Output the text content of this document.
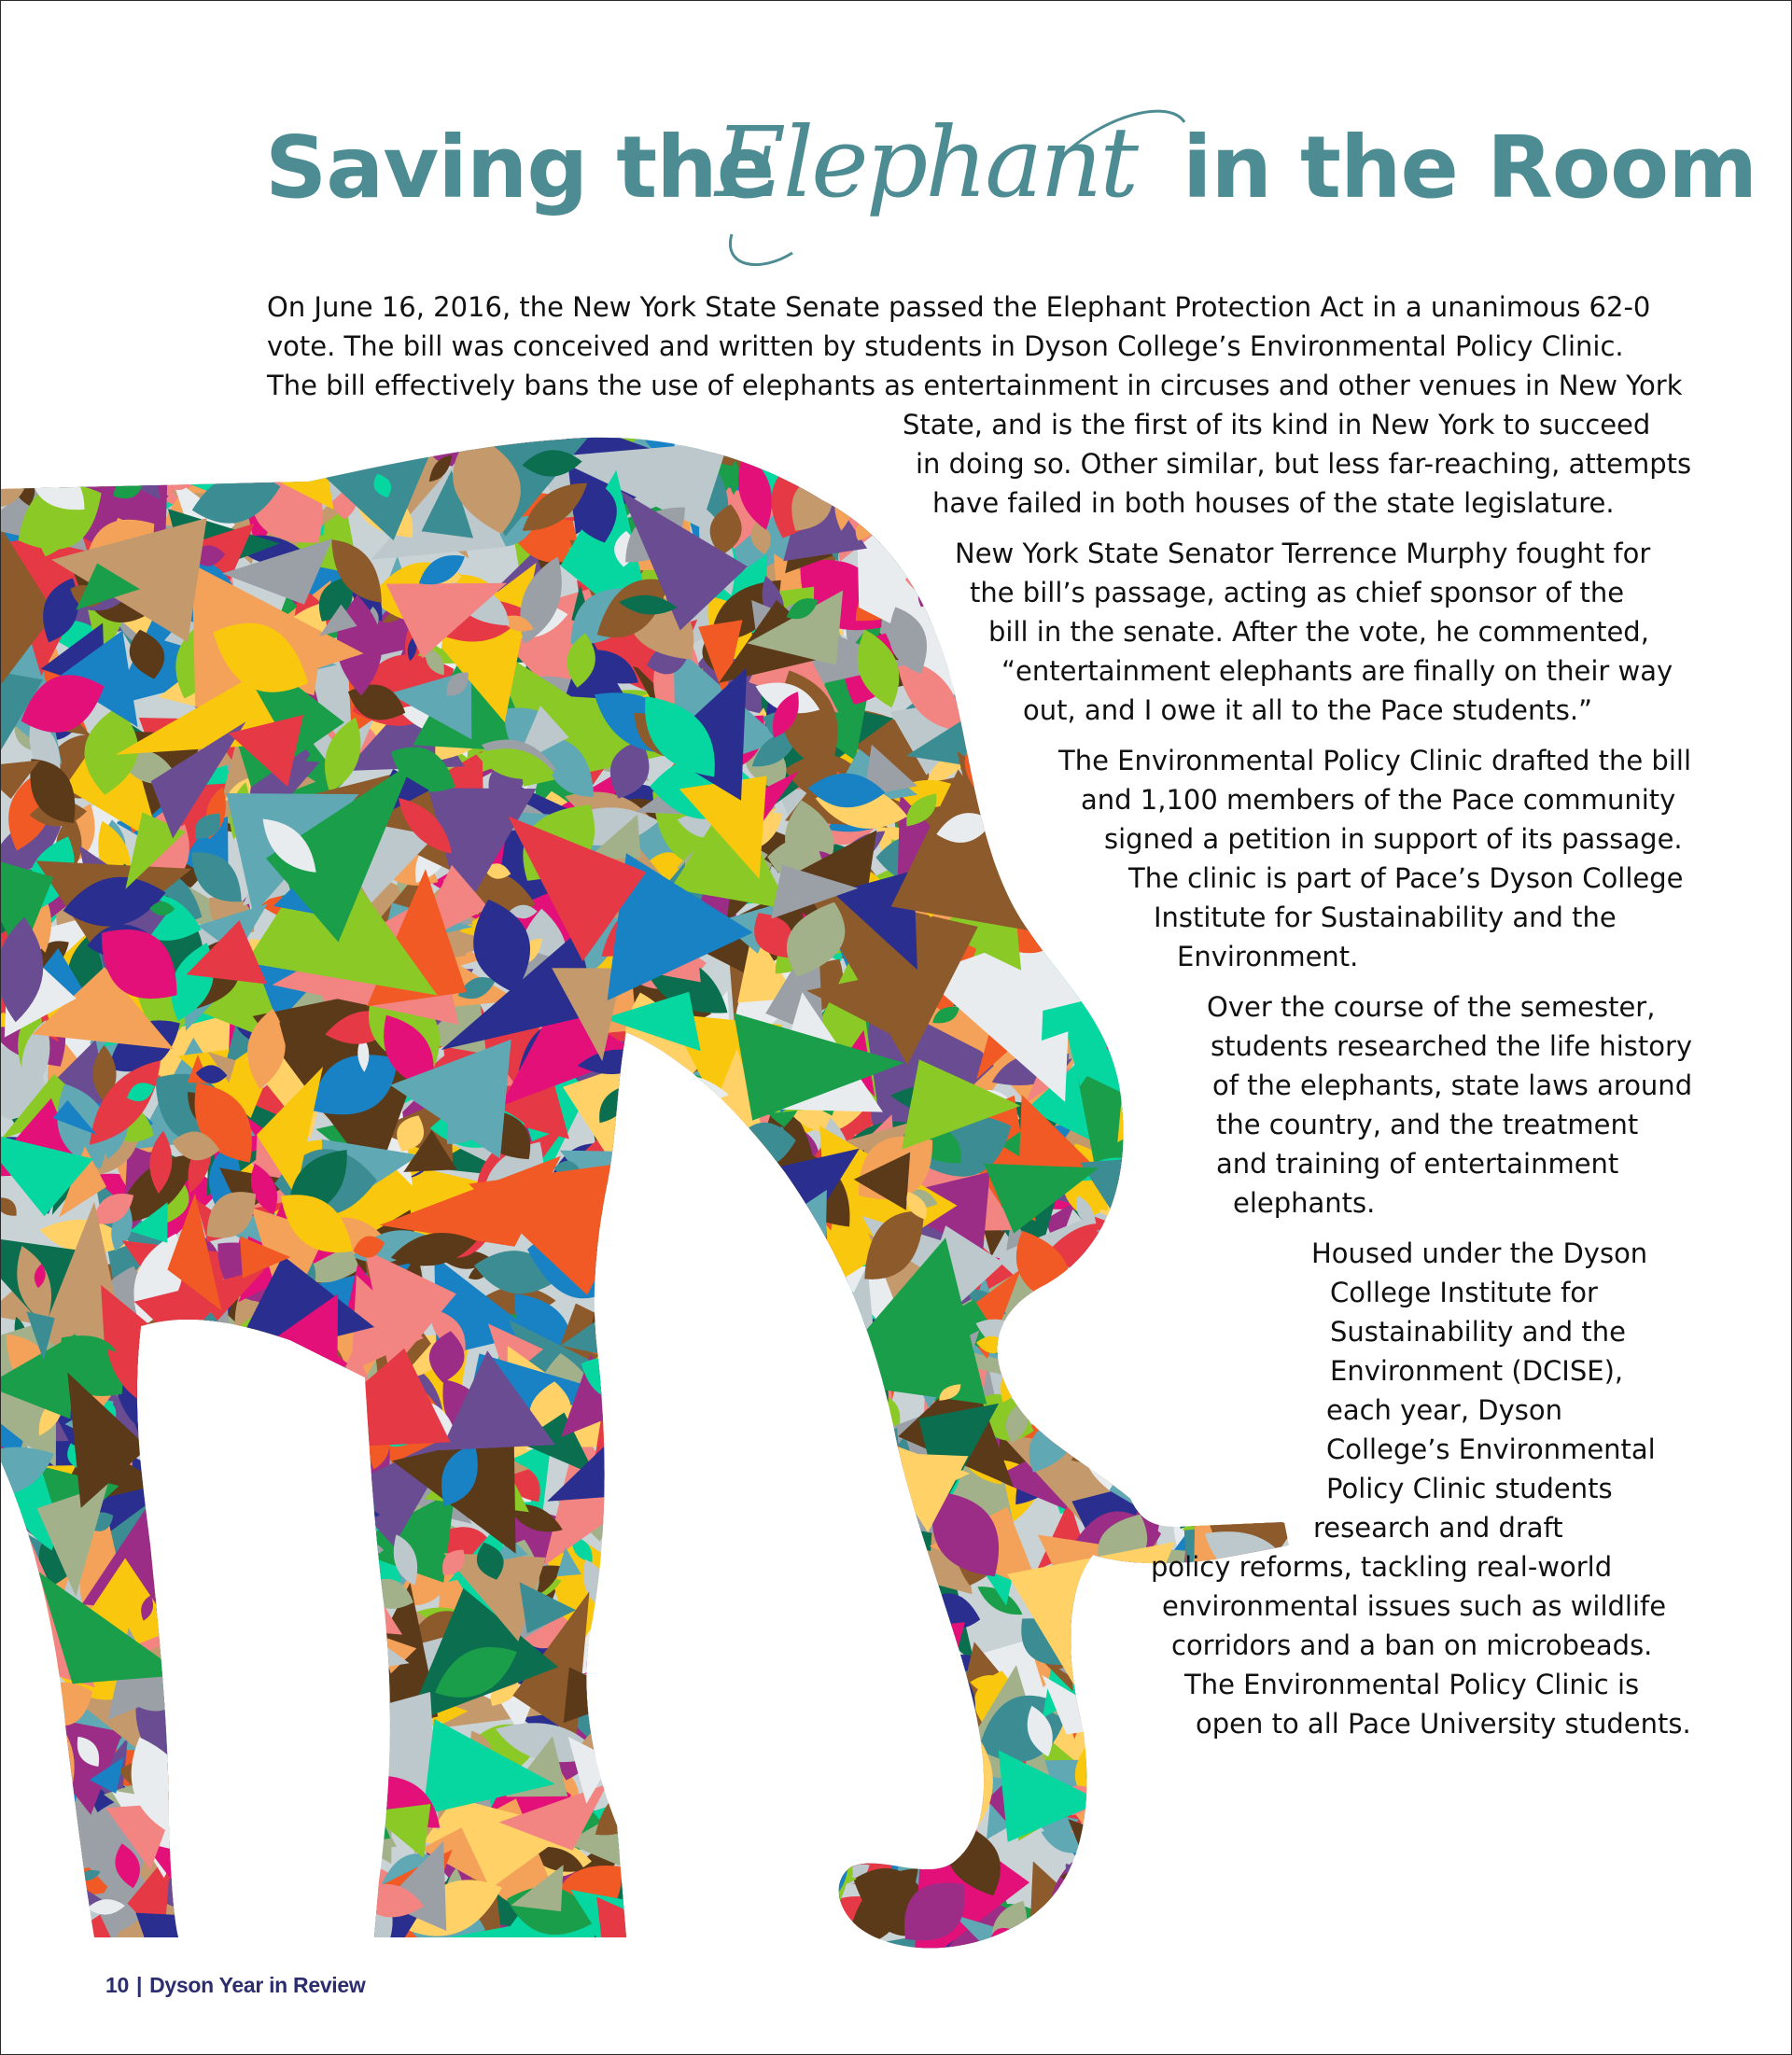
Saving the
Elephant in the Room
On June 16, 2016, the New York State Senate passed the Elephant Protection Act in a unanimous 62-0
vote. The bill was conceived and written by students in Dyson College’s Environmental Policy Clinic.
The bill effectively bans the use of elephants as entertainment in circuses and other venues in New York
State, and is the first of its kind in New York to succeed
in doing so. Other similar, but less far-reaching, attempts
have failed in both houses of the state legislature.
New York State Senator Terrence Murphy fought for
the bill’s passage, acting as chief sponsor of the
bill in the senate. After the vote, he commented,
“entertainment elephants are finally on their way
out, and I owe it all to the Pace students.”
The Environmental Policy Clinic drafted the bill
and 1,100 members of the Pace community
signed a petition in support of its passage.
The clinic is part of Pace’s Dyson College
Institute for Sustainability and the
Environment.
Over the course of the semester,
students researched the life history
of the elephants, state laws around
the country, and the treatment
and training of entertainment
elephants.
Housed under the Dyson
College Institute for
Sustainability and the
Environment (DCISE),
each year, Dyson
College’s Environmental
Policy Clinic students
research and draft
policy reforms, tackling real-world
environmental issues such as wildlife
corridors and a ban on microbeads.
The Environmental Policy Clinic is
open to all Pace University students.
10 | Dyson Year in Review
